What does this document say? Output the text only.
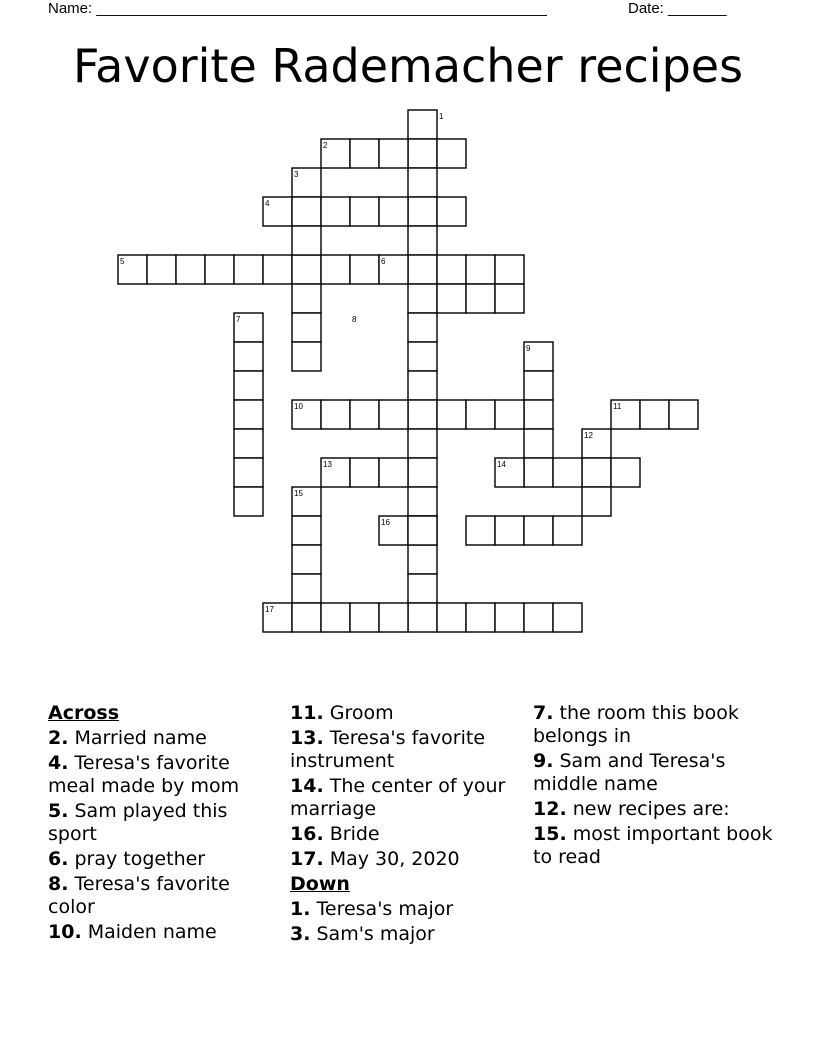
Name: ______________________________________________________	Date: _______
Favorite Rademacher recipes
1
2
3
4
5	6
7	8
9
10	11
12
13	14
15
16
17
Across
2. Married name
4. Teresa's favorite meal made by mom
5. Sam played this sport
6. pray together
8. Teresa's favorite color
10. Maiden name
11. Groom
13. Teresa's favorite instrument
14. The center of your marriage
16. Bride
17. May 30, 2020
Down
1. Teresa's major
3. Sam's major
7. the room this book belongs in
9. Sam and Teresa's middle name
12. new recipes are:
15. most important book to read
